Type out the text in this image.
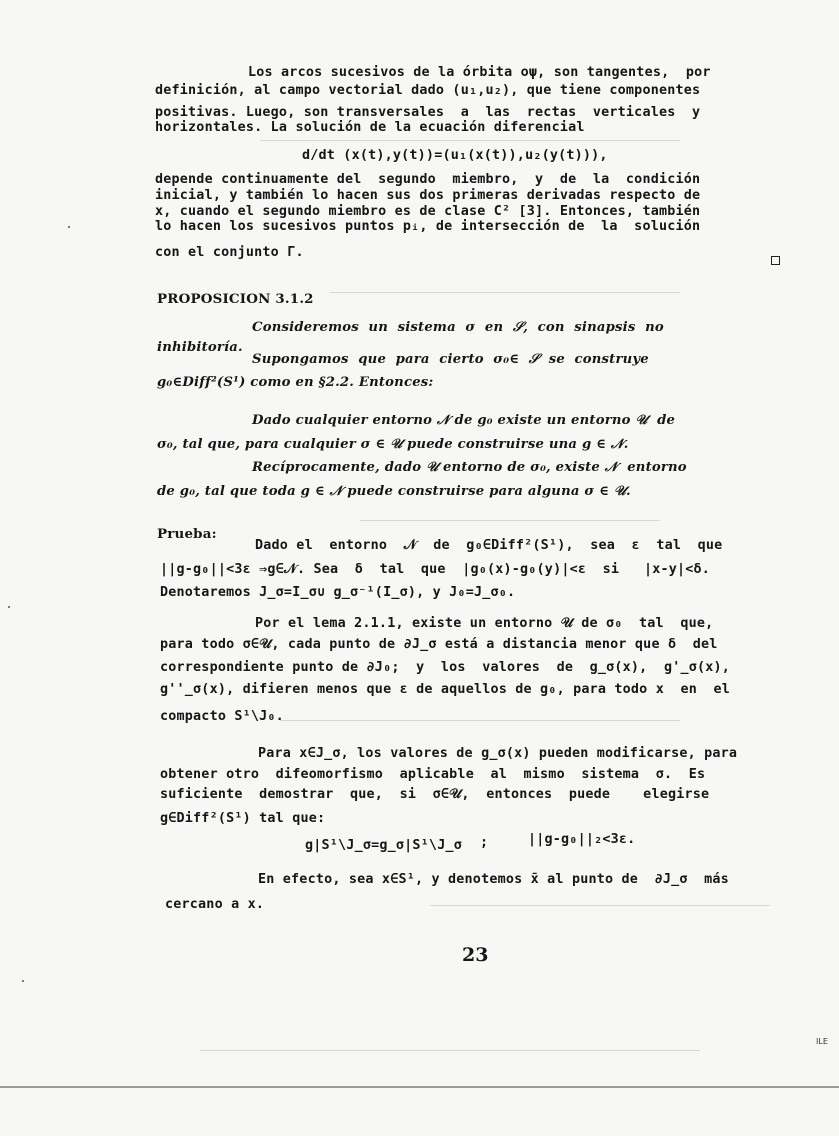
Los arcos sucesivos de la órbita oψ, son tangentes,  por
definición, al campo vectorial dado (u₁,u₂), que tiene componentes
positivas. Luego, son transversales  a  las  rectas  verticales  y
horizontales. La solución de la ecuación diferencial
d/dt (x(t),y(t))=(u₁(x(t)),u₂(y(t))),
depende continuamente del  segundo  miembro,  y  de  la  condición
inicial, y también lo hacen sus dos primeras derivadas respecto de
x, cuando el segundo miembro es de clase C² [3]. Entonces, también
lo hacen los sucesivos puntos pᵢ, de intersección de  la  solución
con el conjunto Γ.
PROPOSICION 3.1.2
Consideremos  un  sistema  σ  en  𝒮,  con  sinapsis  no
inhibitoría.
Supongamos  que  para  cierto  σ₀∈  𝒮  se  construye
g₀∈Diff²(S¹) como en §2.2. Entonces:
Dado cualquier entorno 𝒩 de g₀ existe un entorno 𝒰  de
σ₀, tal que, para cualquier σ ∈ 𝒰 puede construirse una g ∈ 𝒩.
Recíprocamente, dado 𝒰 entorno de σ₀, existe 𝒩  entorno
de g₀, tal que toda g ∈ 𝒩 puede construirse para alguna σ ∈ 𝒰.
Prueba:
Dado el  entorno  𝒩  de  g₀∈Diff²(S¹),  sea  ε  tal  que
||g-g₀||<3ε ⇒g∈𝒩. Sea  δ  tal  que  |g₀(x)-g₀(y)|<ε  si   |x-y|<δ.
Denotaremos J_σ=I_σ∪ g_σ⁻¹(I_σ), y J₀=J_σ₀.
Por el lema 2.1.1, existe un entorno 𝒰 de σ₀  tal  que,
para todo σ∈𝒰, cada punto de ∂J_σ está a distancia menor que δ  del
correspondiente punto de ∂J₀;  y  los  valores  de  g_σ(x),  g'_σ(x),
g''_σ(x), difieren menos que ε de aquellos de g₀, para todo x  en  el
compacto S¹\J₀.
Para x∈J_σ, los valores de g_σ(x) pueden modificarse, para
obtener otro  difeomorfismo  aplicable  al  mismo  sistema  σ.  Es
suficiente  demostrar  que,  si  σ∈𝒰,  entonces  puede    elegirse
g∈Diff²(S¹) tal que:
g|S¹\J_σ=g_σ|S¹\J_σ ;	||g-g₀||₂<3ε.
En efecto, sea x∈S¹, y denotemos x̄ al punto de  ∂J_σ  más
cercano a x.
23
ILE
